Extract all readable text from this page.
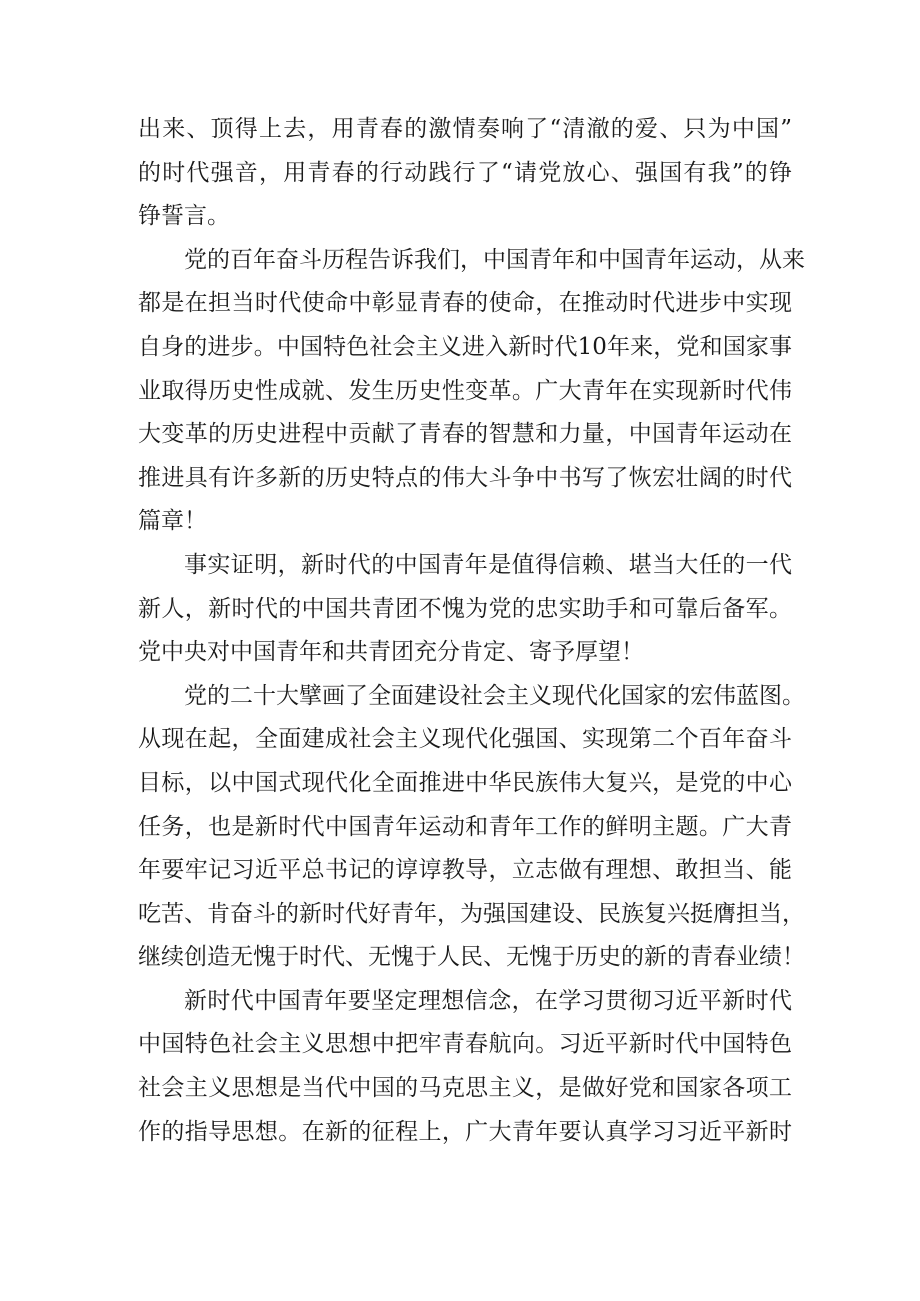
出来、顶得上去，用青春的激情奏响了“清澈的爱、只为中国”
的时代强音，用青春的行动践行了“请党放心、强国有我”的铮
铮誓言。
党的百年奋斗历程告诉我们，中国青年和中国青年运动，从来
都是在担当时代使命中彰显青春的使命，在推动时代进步中实现
自身的进步。中国特色社会主义进入新时代10年来，党和国家事
业取得历史性成就、发生历史性变革。广大青年在实现新时代伟
大变革的历史进程中贡献了青春的智慧和力量，中国青年运动在
推进具有许多新的历史特点的伟大斗争中书写了恢宏壮阔的时代
篇章！
事实证明，新时代的中国青年是值得信赖、堪当大任的一代
新人，新时代的中国共青团不愧为党的忠实助手和可靠后备军。
党中央对中国青年和共青团充分肯定、寄予厚望！
党的二十大擘画了全面建设社会主义现代化国家的宏伟蓝图。
从现在起，全面建成社会主义现代化强国、实现第二个百年奋斗
目标，以中国式现代化全面推进中华民族伟大复兴，是党的中心
任务，也是新时代中国青年运动和青年工作的鲜明主题。广大青
年要牢记习近平总书记的谆谆教导，立志做有理想、敢担当、能
吃苦、肯奋斗的新时代好青年，为强国建设、民族复兴挺膺担当，
继续创造无愧于时代、无愧于人民、无愧于历史的新的青春业绩！
新时代中国青年要坚定理想信念，在学习贯彻习近平新时代
中国特色社会主义思想中把牢青春航向。习近平新时代中国特色
社会主义思想是当代中国的马克思主义，是做好党和国家各项工
作的指导思想。在新的征程上，广大青年要认真学习习近平新时
